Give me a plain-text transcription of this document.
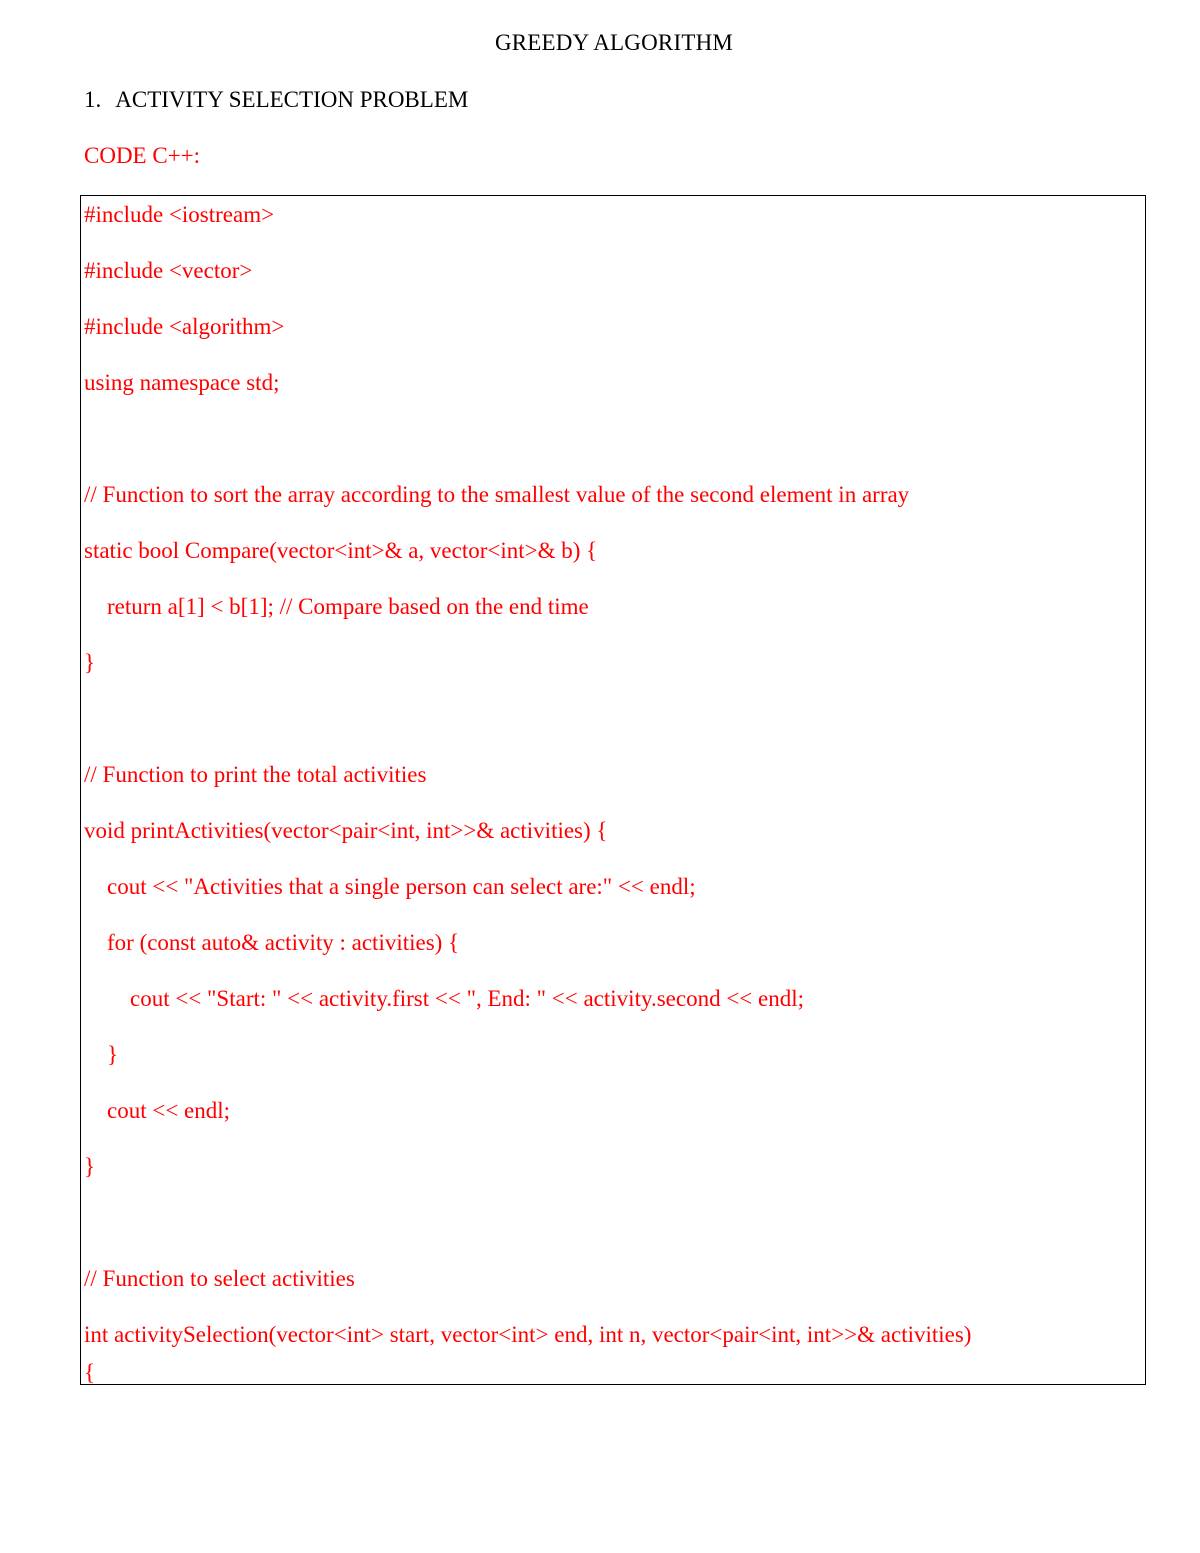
GREEDY ALGORITHM
1. ACTIVITY SELECTION PROBLEM
CODE C++:
#include <iostream>
#include <vector>
#include <algorithm>
using namespace std;
// Function to sort the array according to the smallest value of the second element in array
static bool Compare(vector<int>& a, vector<int>& b) {
return a[1] < b[1]; // Compare based on the end time
}
// Function to print the total activities
void printActivities(vector<pair<int, int>>& activities) {
cout << "Activities that a single person can select are:" << endl;
for (const auto& activity : activities) {
cout << "Start: " << activity.first << ", End: " << activity.second << endl;
}
cout << endl;
}
// Function to select activities
int activitySelection(vector<int> start, vector<int> end, int n, vector<pair<int, int>>& activities)
{
